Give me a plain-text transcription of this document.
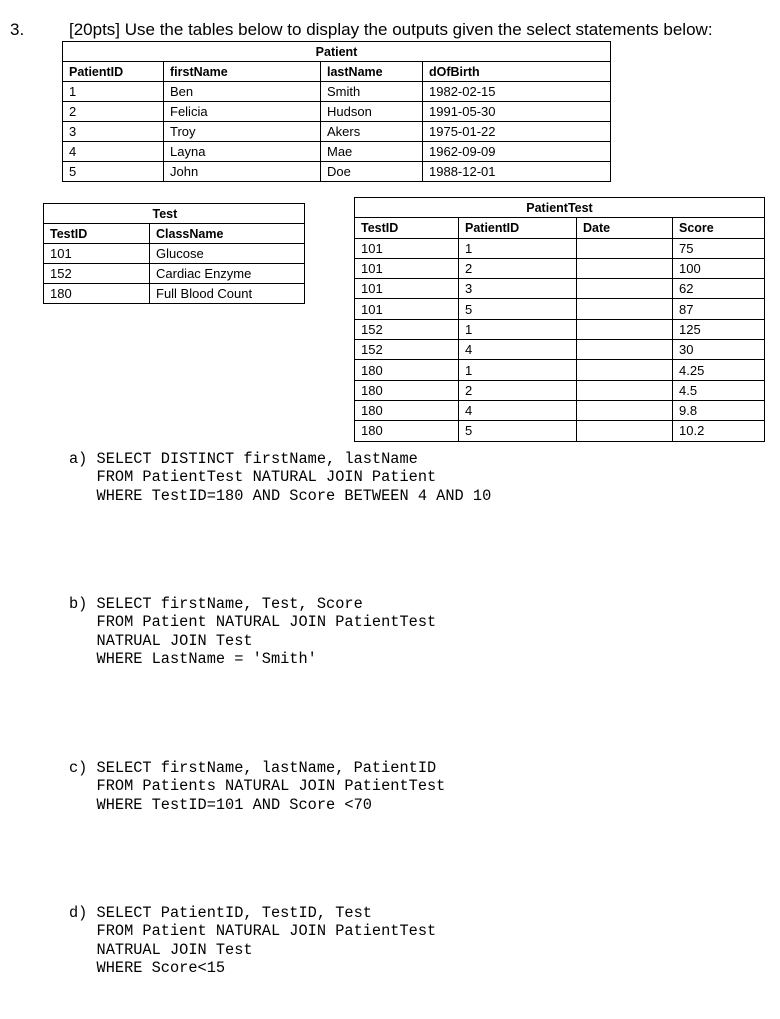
3.	[20pts] Use the tables below to display the outputs given the select statements below:
Patient			
PatientID	firstName	lastName	dOfBirth
1	Ben	Smith	1982-02-15
2	Felicia	Hudson	1991-05-30
3	Troy	Akers	1975-01-22
4	Layna	Mae	1962-09-09
5	John	Doe	1988-12-01
	Test
TestID	ClassName
101	Glucose
152	Cardiac Enzyme
180	Full Blood Count
PatientTest			
TestID	PatientID	Date	Score
101	1		75
101	2		100
101	3		62
101	5		87
152	1		125
152	4		30
180	1		4.25
180	2		4.5
180	4		9.8
180	5		10.2
a) SELECT DISTINCT firstName, lastName
FROM PatientTest NATURAL JOIN Patient
WHERE TestID=180 AND Score BETWEEN 4 AND 10
b) SELECT firstName, Test, Score
FROM Patient NATURAL JOIN PatientTest
NATRUAL JOIN Test
WHERE LastName = 'Smith'
c) SELECT firstName, lastName, PatientID
FROM Patients NATURAL JOIN PatientTest
WHERE TestID=101 AND Score <70
d) SELECT PatientID, TestID, Test
FROM Patient NATURAL JOIN PatientTest
NATRUAL JOIN Test
WHERE Score<15
